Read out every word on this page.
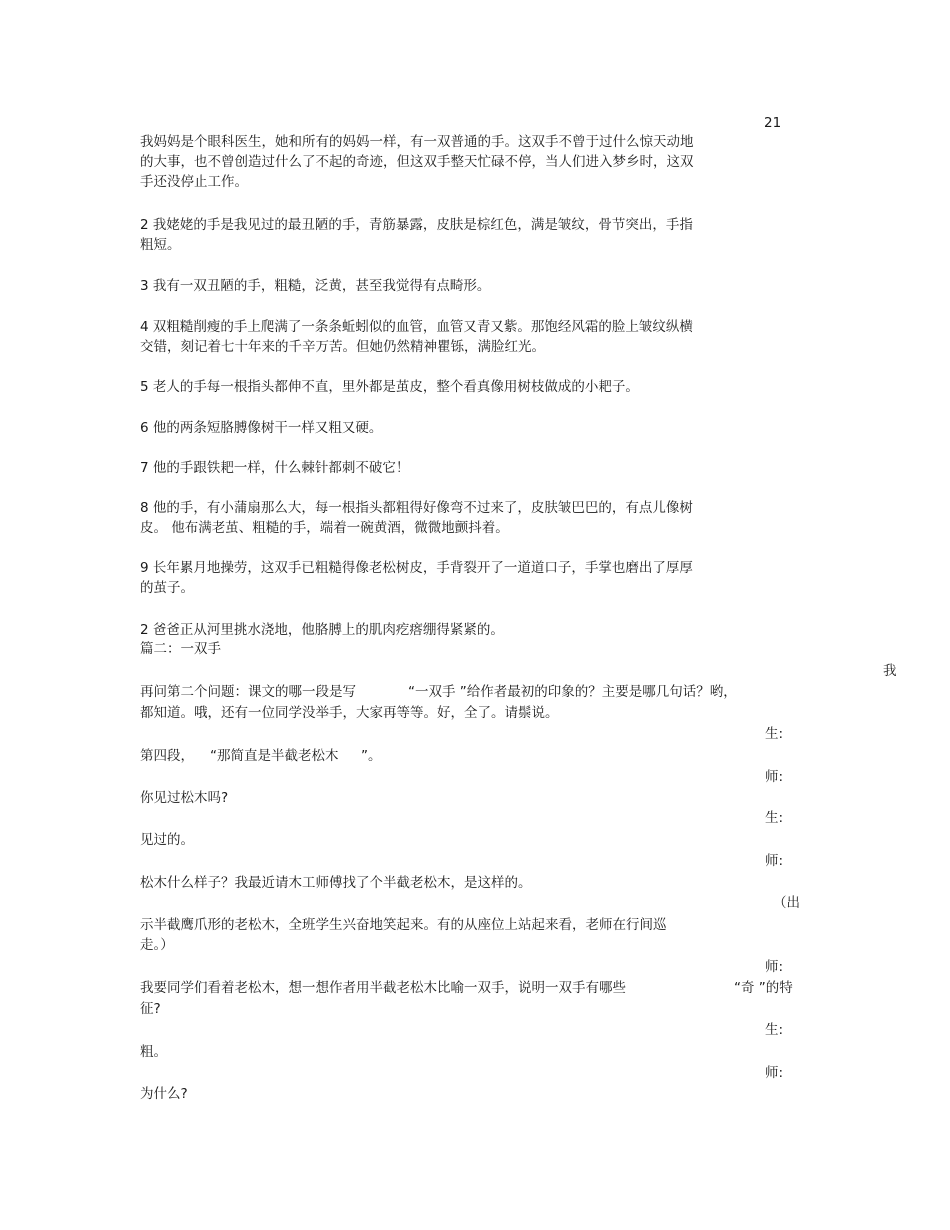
21
我妈妈是个眼科医生，她和所有的妈妈一样，有一双普通的手。这双手不曾于过什么惊天动地
的大事，也不曾创造过什么了不起的奇迹，但这双手整天忙碌不停，当人们进入梦乡时，这双
手还没停止工作。
2 我姥姥的手是我见过的最丑陋的手，青筋暴露，皮肤是棕红色，满是皱纹，骨节突出，手指
粗短。
3 我有一双丑陋的手，粗糙，泛黄，甚至我觉得有点畸形。
4 双粗糙削瘦的手上爬满了一条条蚯蚓似的血管，血管又青又紫。那饱经风霜的脸上皱纹纵横
交错，刻记着七十年来的千辛万苦。但她仍然精神瞿铄，满脸红光。
5 老人的手每一根指头都伸不直，里外都是茧皮，整个看真像用树枝做成的小耙子。
6 他的两条短胳膊像树干一样又粗又硬。
7 他的手跟铁耙一样，什么棘针都刺不破它！
8 他的手，有小蒲扇那么大，每一根指头都粗得好像弯不过来了，皮肤皱巴巴的，有点儿像树
皮。 他布满老茧、粗糙的手，端着一碗黄酒，微微地颤抖着。
9 长年累月地操劳，这双手已粗糙得像老松树皮，手背裂开了一道道口子，手掌也磨出了厚厚
的茧子。
2 爸爸正从河里挑水浇地，他胳膊上的肌肉疙瘩绷得紧紧的。
篇二：一双手
我
再问第二个问题：课文的哪一段是写	“一双手 ”给作者最初的印象的？主要是哪几句话？哟，
都知道。哦，还有一位同学没举手，大家再等等。好，全了。请鬃说。
生:
第四段， “那简直是半截老松木 ”。
师:
你见过松木吗?
生:
见过的。
师:
松木什么样子？我最近请木工师傅找了个半截老松木，是这样的。
（出
示半截鹰爪形的老松木，全班学生兴奋地笑起来。有的从座位上站起来看，老师在行间巡
走。）
师:
我要同学们看着老松木，想一想作者用半截老松木比喻一双手，说明一双手有哪些	“奇 ”的特
征?
生:
粗。
师:
为什么?
